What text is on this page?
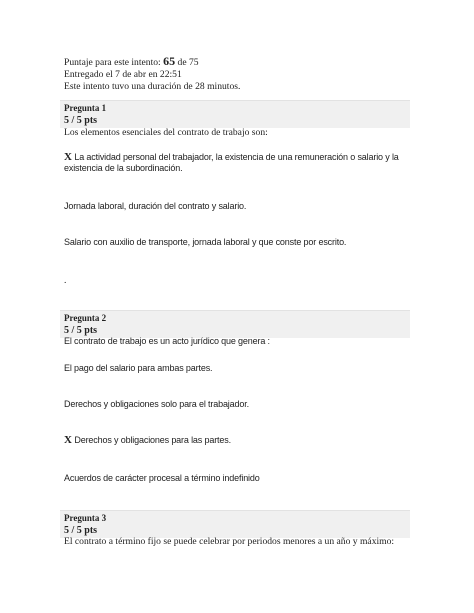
Puntaje para este intento: 65 de 75
Entregado el 7 de abr en 22:51
Este intento tuvo una duración de 28 minutos.
Pregunta 1
5 / 5 pts
Los elementos esenciales del contrato de trabajo son:
X La actividad personal del trabajador, la existencia de una remuneración o salario y la existencia de la subordinación.
Jornada laboral, duración del contrato y salario.
Salario con auxilio de transporte, jornada laboral y que conste por escrito.
.
Pregunta 2
5 / 5 pts
El contrato de trabajo es un acto jurídico que genera :
El pago del salario para ambas partes.
Derechos y obligaciones solo para el trabajador.
X Derechos y obligaciones para las partes.
Acuerdos de carácter procesal a término indefinido
Pregunta 3
5 / 5 pts
El contrato a término fijo se puede celebrar por periodos menores a un año y máximo:
